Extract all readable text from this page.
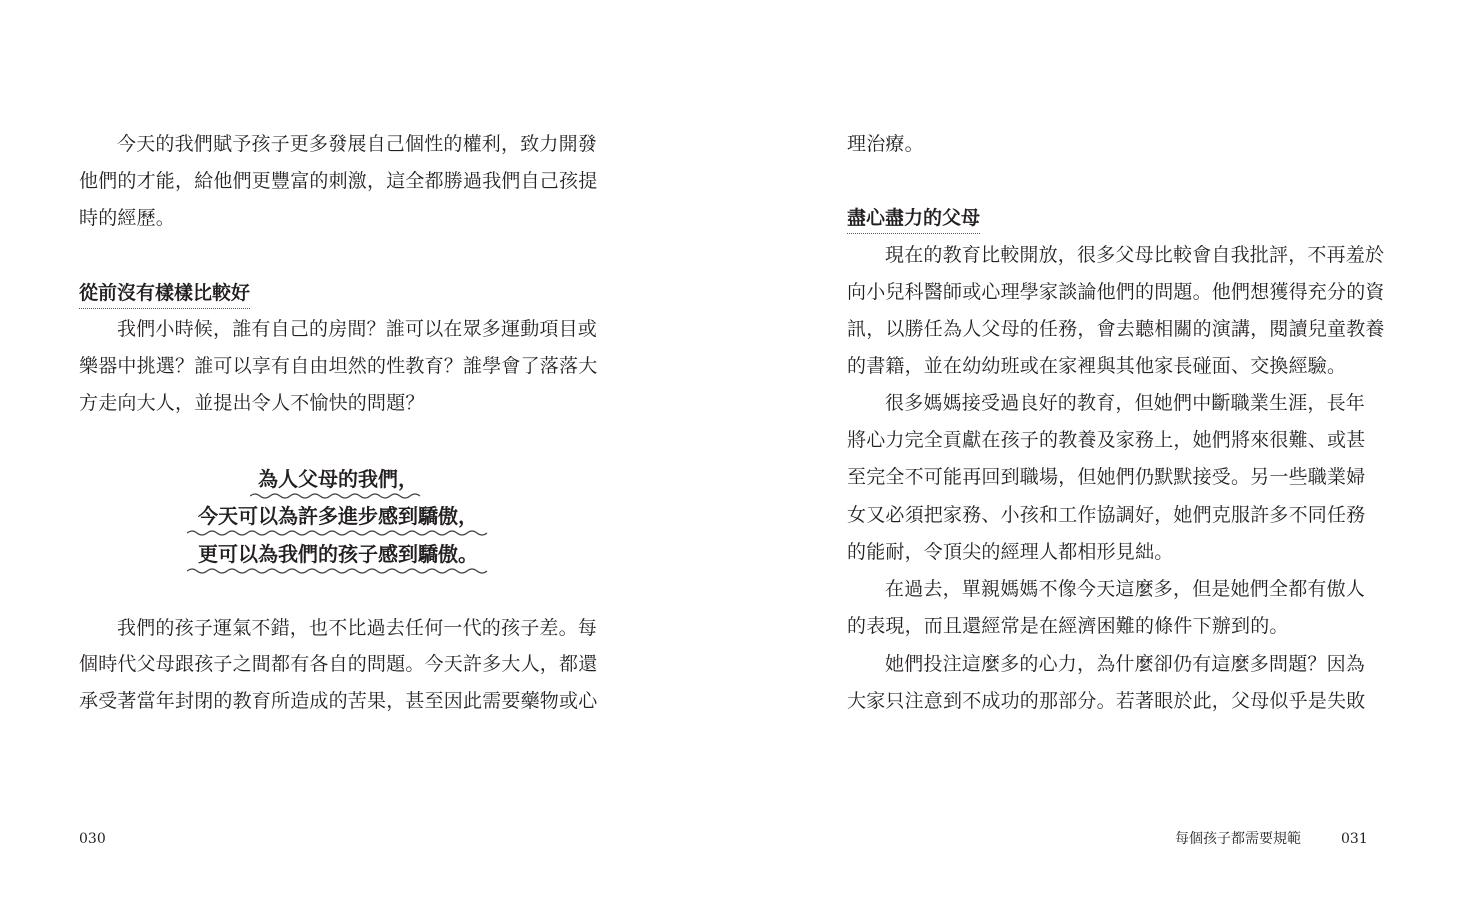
今天的我們賦予孩子更多發展自己個性的權利，致力開發
他們的才能，給他們更豐富的刺激，這全都勝過我們自己孩提
時的經歷。
從前沒有樣樣比較好
我們小時候，誰有自己的房間？誰可以在眾多運動項目或
樂器中挑選？誰可以享有自由坦然的性教育？誰學會了落落大
方走向大人，並提出令人不愉快的問題？
為人父母的我們，
今天可以為許多進步感到驕傲，
更可以為我們的孩子感到驕傲。
我們的孩子運氣不錯，也不比過去任何一代的孩子差。每
個時代父母跟孩子之間都有各自的問題。今天許多大人，都還
承受著當年封閉的教育所造成的苦果，甚至因此需要藥物或心
030
理治療。
盡心盡力的父母
現在的教育比較開放，很多父母比較會自我批評，不再羞於
向小兒科醫師或心理學家談論他們的問題。他們想獲得充分的資
訊，以勝任為人父母的任務，會去聽相關的演講，閱讀兒童教養
的書籍，並在幼幼班或在家裡與其他家長碰面、交換經驗。
很多媽媽接受過良好的教育，但她們中斷職業生涯，長年
將心力完全貢獻在孩子的教養及家務上，她們將來很難、或甚
至完全不可能再回到職場，但她們仍默默接受。另一些職業婦
女又必須把家務、小孩和工作協調好，她們克服許多不同任務
的能耐，令頂尖的經理人都相形見絀。
在過去，單親媽媽不像今天這麼多，但是她們全都有傲人
的表現，而且還經常是在經濟困難的條件下辦到的。
她們投注這麼多的心力，為什麼卻仍有這麼多問題？因為
大家只注意到不成功的那部分。若著眼於此，父母似乎是失敗
每個孩子都需要規範	031
